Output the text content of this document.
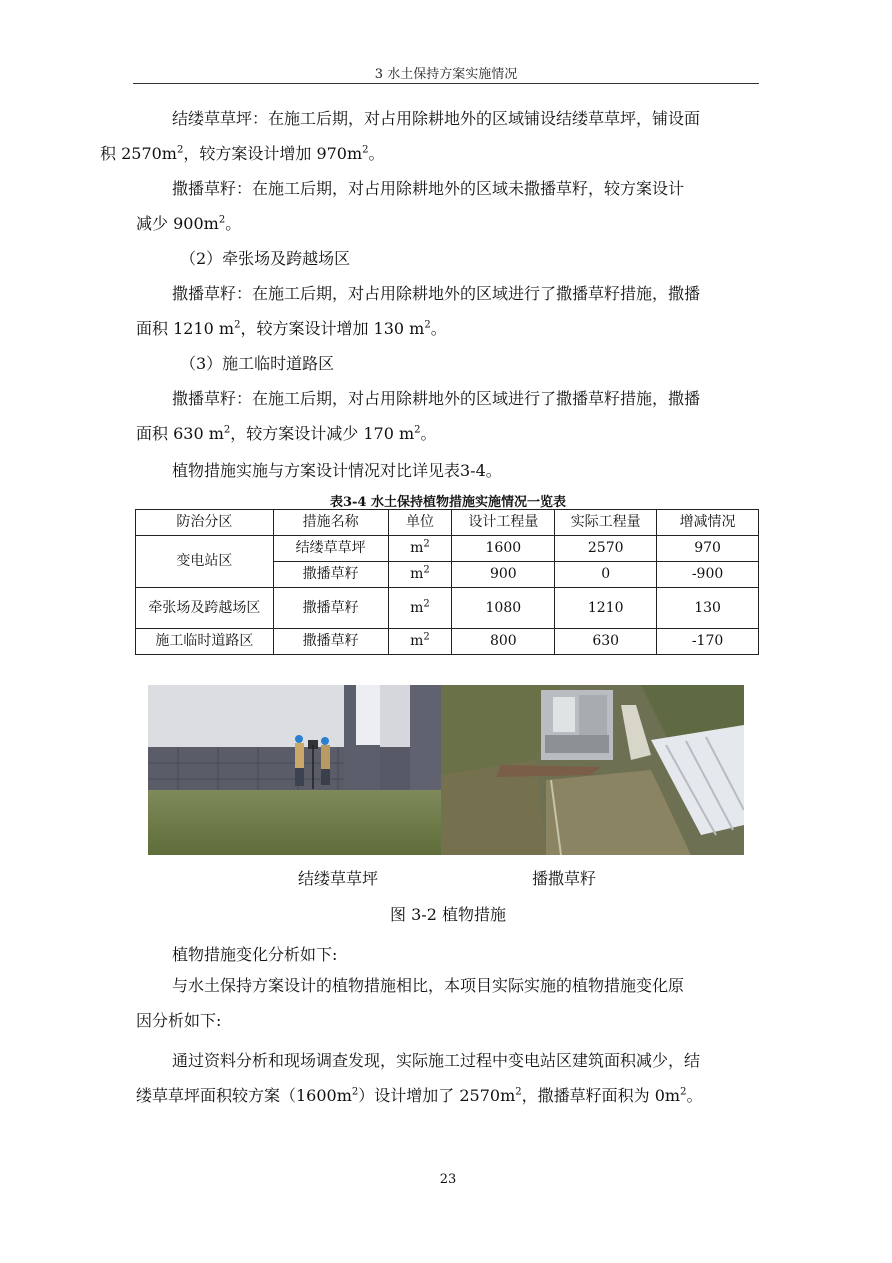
3 水土保持方案实施情况

结缕草草坪：在施工后期，对占用除耕地外的区域铺设结缕草草坪，铺设面
积 $2570m^2$，较方案设计增加 $970m^2$。

撒播草籽：在施工后期，对占用除耕地外的区域未撒播草籽，较方案设计
减少 $900m^2$。

（2）牵张场及跨越场区

撒播草籽：在施工后期，对占用除耕地外的区域进行了撒播草籽措施，撒播
面积 1210 $m^2$，较方案设计增加 130 $m^2$。

（3）施工临时道路区

撒播草籽：在施工后期，对占用除耕地外的区域进行了撒播草籽措施，撒播
面积 630 $m^2$，较方案设计减少 170 $m^2$。

植物措施实施与方案设计情况对比详见表3-4。

表3-4 水土保持植物措施实施情况一览表
防治分区	措施名称	单位	设计工程量	实际工程量	增减情况
变电站区	结缕草草坪	$m^2$	1600	2570	970
	撒播草籽	$m^2$	900	0	-900
牵张场及跨越场区	撒播草籽	$m^2$	1080	1210	130
施工临时道路区	撒播草籽	$m^2$	800	630	-170
结缕草草坪	播撒草籽
图 3-2 植物措施

植物措施变化分析如下:

与水土保持方案设计的植物措施相比，本项目实际实施的植物措施变化原
因分析如下:

通过资料分析和现场调查发现，实际施工过程中变电站区建筑面积减少，结
缕草草坪面积较方案$(1600m^2)$设计增加了 $2570m^2$，撒播草籽面积为 $0m^2$。

23
